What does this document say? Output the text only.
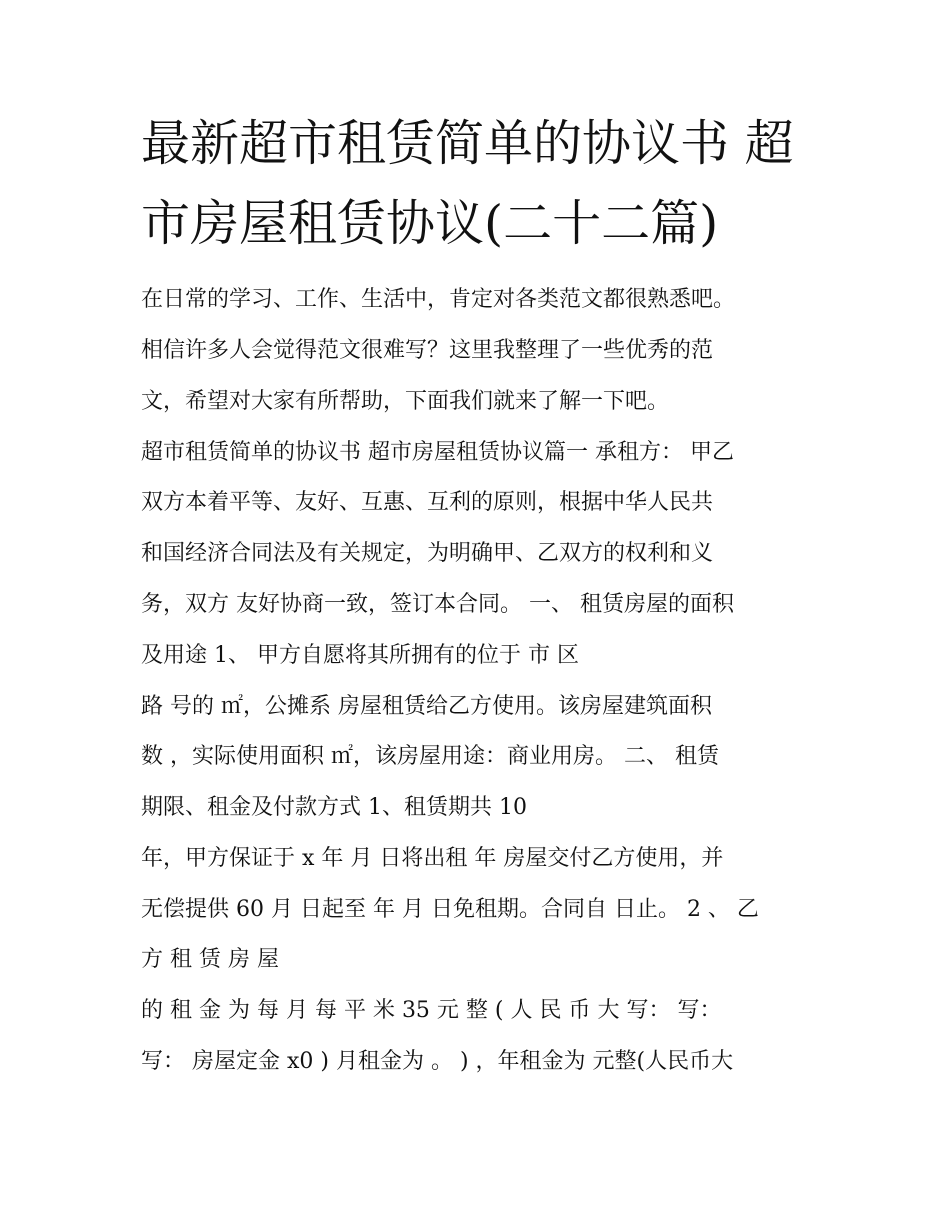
最新超市租赁简单的协议书 超
市房屋租赁协议(二十二篇)
在日常的学习、工作、生活中，肯定对各类范文都很熟悉吧。
相信许多人会觉得范文很难写？这里我整理了一些优秀的范
文，希望对大家有所帮助，下面我们就来了解一下吧。
超市租赁简单的协议书 超市房屋租赁协议篇一 承租方： 甲乙
双方本着平等、友好、互惠、互利的原则，根据中华人民共
和国经济合同法及有关规定，为明确甲、乙双方的权利和义
务，双方 友好协商一致，签订本合同。 一、 租赁房屋的面积
及用途 1、 甲方自愿将其所拥有的位于 市 区
路 号的 ㎡，公摊系 房屋租赁给乙方使用。该房屋建筑面积
数 ，实际使用面积 ㎡，该房屋用途：商业用房。 二、 租赁
期限、租金及付款方式 1、租赁期共 10
年，甲方保证于 x 年 月 日将出租 年 房屋交付乙方使用，并
无偿提供 60 月 日起至 年 月 日免租期。合同自 日止。 2 、 乙
方 租 赁 房 屋
的 租 金 为 每 月 每 平 米 35 元 整 ( 人 民 币 大 写： 写：
写： 房屋定金 x0 ) 月租金为 。 ) ，年租金为 元整(人民币大
